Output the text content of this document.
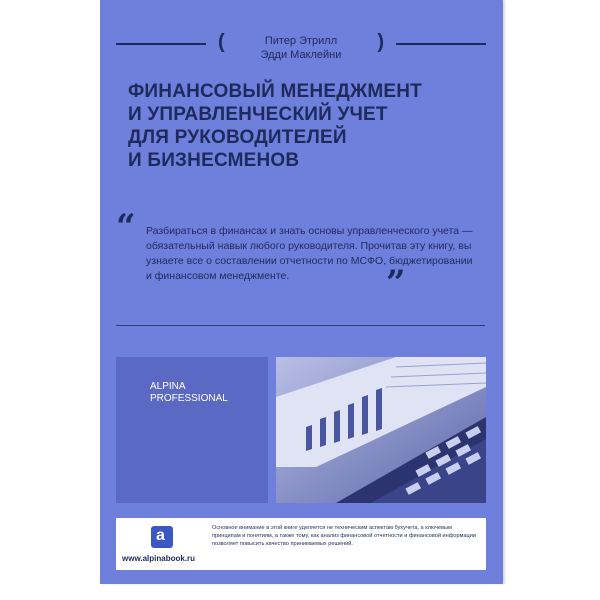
(	Питер Этрилл
Эдди Маклейни
)
ФИНАНСОВЫЙ МЕНЕДЖМЕНТ
И УПРАВЛЕНЧЕСКИЙ УЧЕТ
ДЛЯ РУКОВОДИТЕЛЕЙ
И БИЗНЕСМЕНОВ
“ Разбираться в финансах и знать основы управленческого учета — обязательный навык любого руководителя. Прочитав эту книгу, вы узнаете все о составлении отчетности по МСФО, бюджетировании и финансовом менеджменте.	”
ALPINA
PROFESSIONAL
a
www.alpinabook.ru
Основное внимание в этой книге уделяется не техническим аспектам бухучета, а ключевым принципам и понятиям, а также тому, как анализ финансовой отчетности и финансовой информации позволяет повысить качество принимаемых решений.
